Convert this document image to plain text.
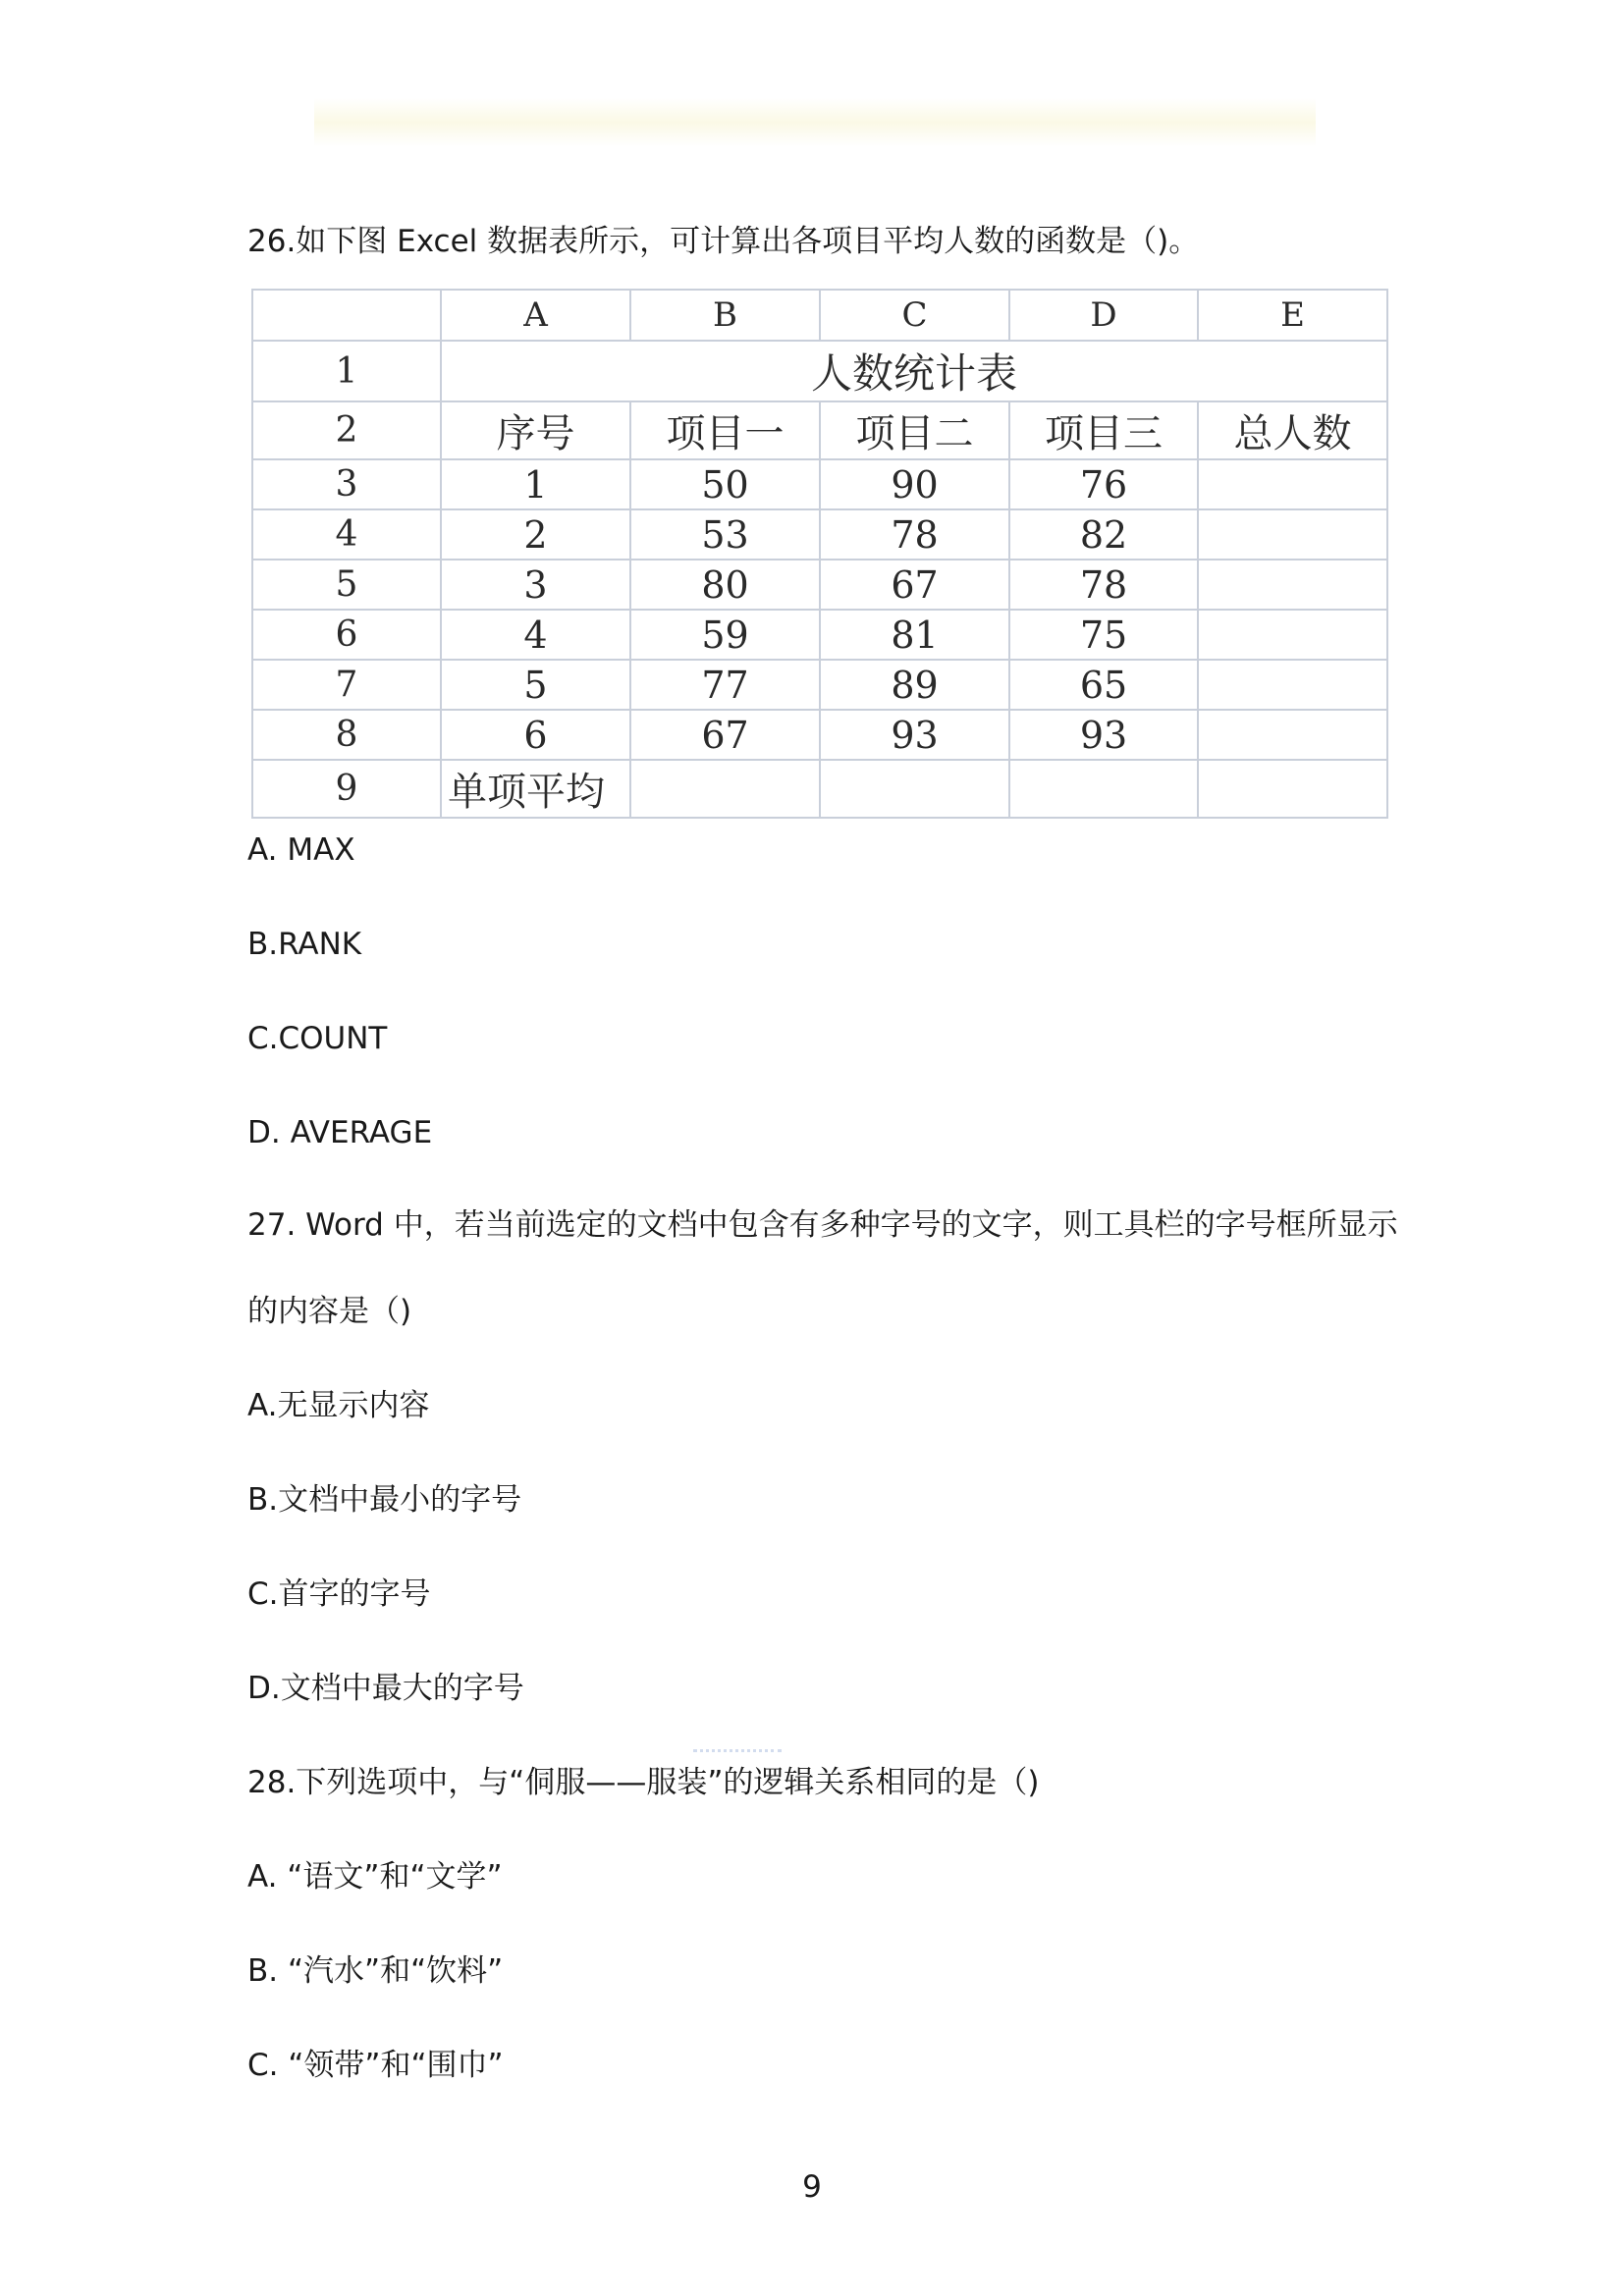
26.如下图 Excel 数据表所示，可计算出各项目平均人数的函数是（)。
	A	B	C	D	E
1	人数统计表				
2	序号	项目一	项目二	项目三	总人数
3	1	50	90	76	
4	2	53	78	82	
5	3	80	67	78	
6	4	59	81	75	
7	5	77	89	65	
8	6	67	93	93	
9	单项平均				
A. MAX
B.RANK
C.COUNT
D. AVERAGE
27. Word 中，若当前选定的文档中包含有多种字号的文字，则工具栏的字号框所显示
的内容是（)
A.无显示内容
B.文档中最小的字号
C.首字的字号
D.文档中最大的字号
28.下列选项中，与“侗服——服装”的逻辑关系相同的是（)
A. “语文”和“文学”
B. “汽水”和“饮料”
C. “领带”和“围巾”
9
